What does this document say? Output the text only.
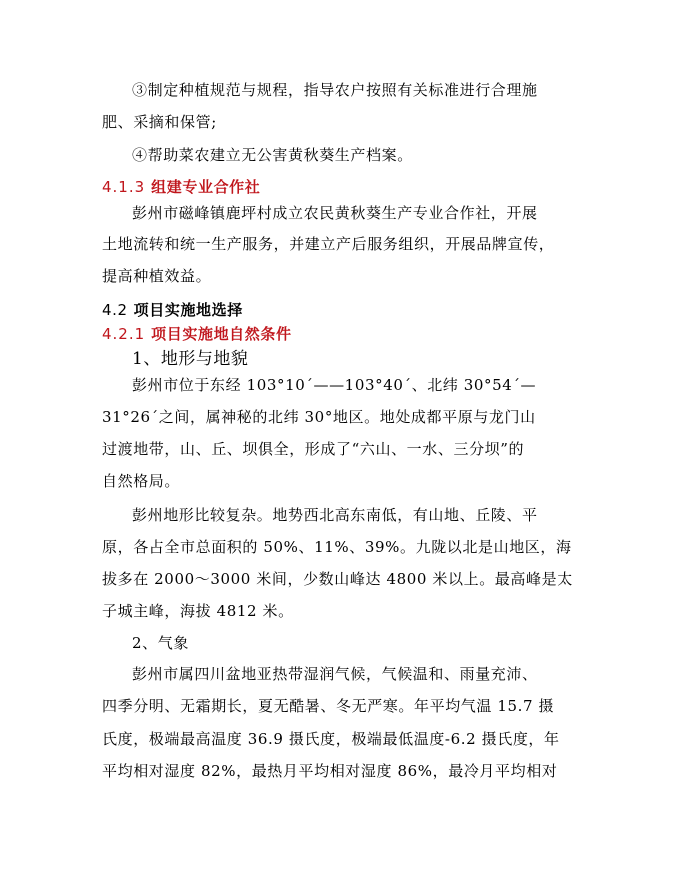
③制定种植规范与规程，指导农户按照有关标准进行合理施
肥、采摘和保管;
④帮助菜农建立无公害黄秋葵生产档案。
4.1.3 组建专业合作社
彭州市磁峰镇鹿坪村成立农民黄秋葵生产专业合作社，开展
土地流转和统一生产服务，并建立产后服务组织，开展品牌宣传，
提高种植效益。
4.2 项目实施地选择
4.2.1 项目实施地自然条件
1、地形与地貌
彭州市位于东经 103°10ˊ——103°40ˊ、北纬 30°54ˊ—
31°26ˊ之间，属神秘的北纬 30°地区。地处成都平原与龙门山
过渡地带，山、丘、坝俱全，形成了“六山、一水、三分坝”的
自然格局。
彭州地形比较复杂。地势西北高东南低，有山地、丘陵、平
原，各占全市总面积的 50%、11%、39%。九陇以北是山地区，海
拔多在 2000～3000 米间，少数山峰达 4800 米以上。最高峰是太
子城主峰，海拔 4812 米。
2、气象
彭州市属四川盆地亚热带湿润气候，气候温和、雨量充沛、
四季分明、无霜期长，夏无酷暑、冬无严寒。年平均气温 15.7 摄
氏度，极端最高温度 36.9 摄氏度，极端最低温度-6.2 摄氏度，年
平均相对湿度 82%，最热月平均相对湿度 86%，最冷月平均相对
